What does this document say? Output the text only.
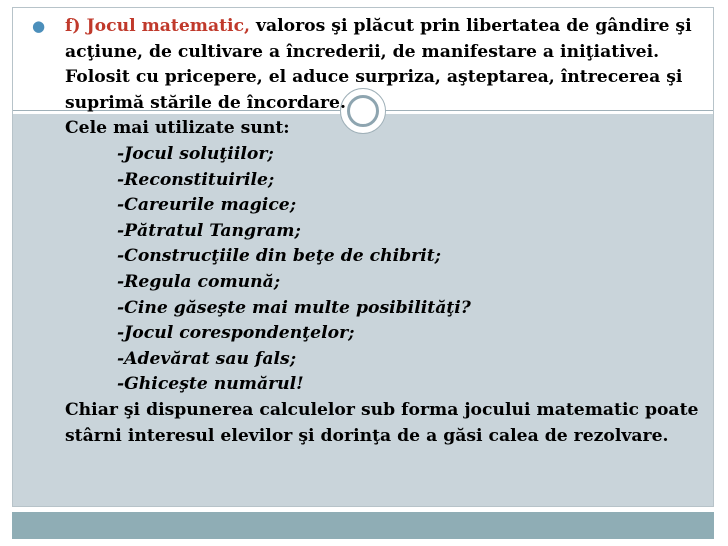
● f) Jocul matematic, valoros şi plăcut prin libertatea de gândire şi acţiune, de cultivare a încrederii, de manifestare a iniţiativei. Folosit cu pricepere, el aduce surpriza, aşteptarea, întrecerea şi suprimă stările de încordare.
Cele mai utilizate sunt:
-Jocul soluţiilor;
-Reconstituirile;
-Careurile magice;
-Pătratul Tangram;
-Construcţiile din beţe de chibrit;
-Regula comună;
-Cine găseşte mai multe posibilităţi?
-Jocul corespondenţelor;
-Adevărat sau fals;
-Ghiceşte numărul!
Chiar şi dispunerea calculelor sub forma jocului matematic poate stârni interesul elevilor şi dorinţa de a găsi calea de rezolvare.
